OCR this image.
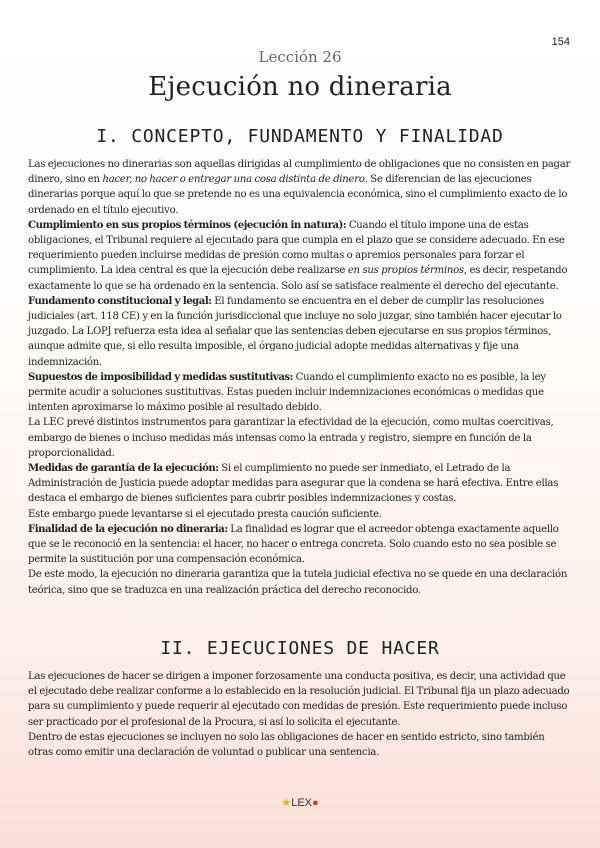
154
Lección 26
Ejecución no dineraria
I. CONCEPTO, FUNDAMENTO Y FINALIDAD

Las ejecuciones no dinerarias son aquellas dirigidas al cumplimiento de obligaciones que no consisten en pagar dinero, sino en hacer, no hacer o entregar una cosa distinta de dinero. Se diferencian de las ejecuciones dinerarias porque aquí lo que se pretende no es una equivalencia económica, sino el cumplimiento exacto de lo ordenado en el título ejecutivo.

Cumplimiento en sus propios términos (ejecución in natura): Cuando el título impone una de estas obligaciones, el Tribunal requiere al ejecutado para que cumpla en el plazo que se considere adecuado. En ese requerimiento pueden incluirse medidas de presión como multas o apremios personales para forzar el cumplimiento. La idea central es que la ejecución debe realizarse en sus propios términos, es decir, respetando exactamente lo que se ha ordenado en la sentencia. Solo así se satisface realmente el derecho del ejecutante.

Fundamento constitucional y legal: El fundamento se encuentra en el deber de cumplir las resoluciones judiciales (art. 118 CE) y en la función jurisdiccional que incluye no solo juzgar, sino también hacer ejecutar lo juzgado. La LOPJ refuerza esta idea al señalar que las sentencias deben ejecutarse en sus propios términos, aunque admite que, si ello resulta imposible, el órgano judicial adopte medidas alternativas y fije una indemnización.

Supuestos de imposibilidad y medidas sustitutivas: Cuando el cumplimiento exacto no es posible, la ley permite acudir a soluciones sustitutivas. Estas pueden incluir indemnizaciones económicas o medidas que intenten aproximarse lo máximo posible al resultado debido.

La LEC prevé distintos instrumentos para garantizar la efectividad de la ejecución, como multas coercitivas, embargo de bienes o incluso medidas más intensas como la entrada y registro, siempre en función de la proporcionalidad.

Medidas de garantía de la ejecución: Si el cumplimiento no puede ser inmediato, el Letrado de la Administración de Justicia puede adoptar medidas para asegurar que la condena se hará efectiva. Entre ellas destaca el embargo de bienes suficientes para cubrir posibles indemnizaciones y costas.

Este embargo puede levantarse si el ejecutado presta caución suficiente.

Finalidad de la ejecución no dineraria: La finalidad es lograr que el acreedor obtenga exactamente aquello que se le reconoció en la sentencia: el hacer, no hacer o entrega concreta. Solo cuando esto no sea posible se permite la sustitución por una compensación económica.

De este modo, la ejecución no dineraria garantiza que la tutela judicial efectiva no se quede en una declaración teórica, sino que se traduzca en una realización práctica del derecho reconocido.

II. EJECUCIONES DE HACER

Las ejecuciones de hacer se dirigen a imponer forzosamente una conducta positiva, es decir, una actividad que el ejecutado debe realizar conforme a lo establecido en la resolución judicial. El Tribunal fija un plazo adecuado para su cumplimiento y puede requerir al ejecutado con medidas de presión. Este requerimiento puede incluso ser practicado por el profesional de la Procura, si así lo solicita el ejecutante.

Dentro de estas ejecuciones se incluyen no solo las obligaciones de hacer en sentido estricto, sino también otras como emitir una declaración de voluntad o publicar una sentencia.

★LEX●
